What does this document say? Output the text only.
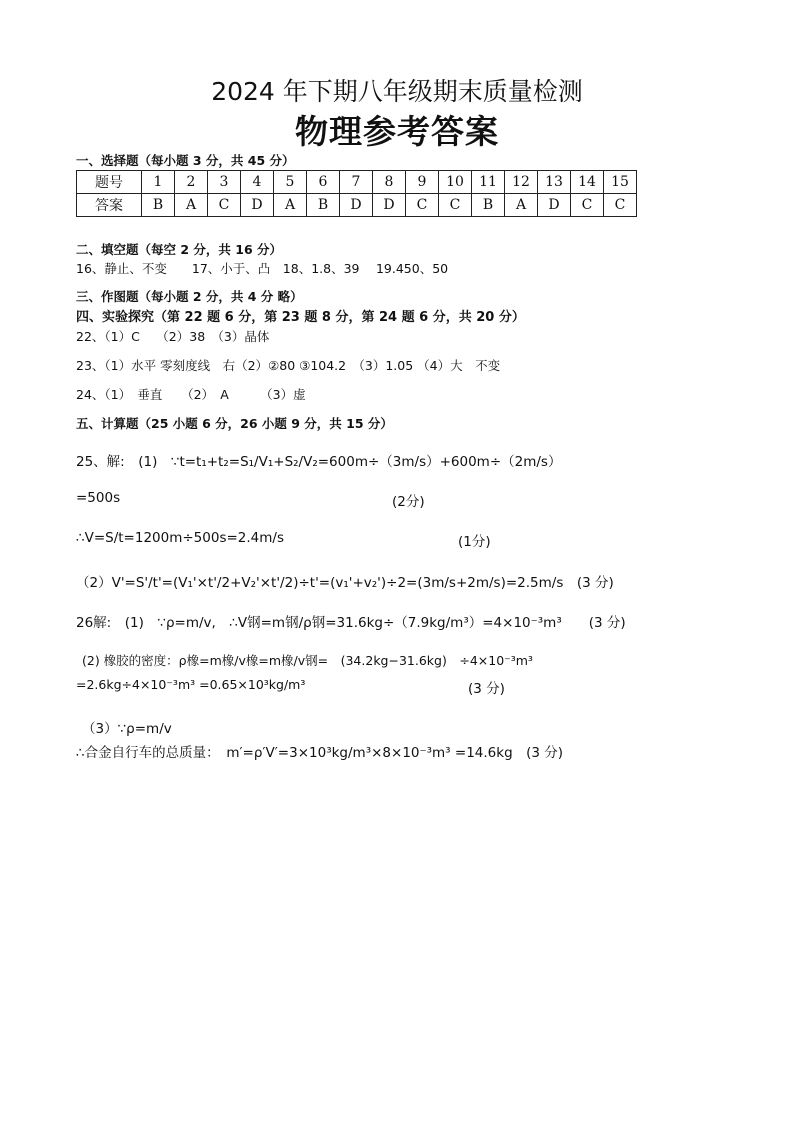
2024 年下期八年级期末质量检测
物理参考答案
一、选择题（每小题 3 分，共 45 分）
题号	1	2	3	4	5	6	7	8	9	10	11	12	13	14	15
答案	B	A	C	D	A	B	D	D	C	C	B	A	D	C	C
二、填空题（每空 2 分，共 16 分）
16、静止、不变　　17、小于、凸　18、1.8、39　 19.450、50
三、作图题（每小题 2 分，共 4 分 略）
四、实验探究（第 22 题 6 分，第 23 题 8 分，第 24 题 6 分，共 20 分）
22、（1）C　 （2）38　（3）晶体
23、（1）水平 零刻度线　右（2）②80 ③104.2　（3）1.05 （4）大　不变
24、（1）　垂直　　（2）　A　　　（3）虚
五、计算题（25 小题 6 分，26 小题 9 分，共 15 分）
25、解:　(1)　∵t=t₁+t₂=S₁/V₁+S₂/V₂=600m÷（3m/s）+600m÷（2m/s）
=500s	(2分)
∴V=S/t=1200m÷500s=2.4m/s	(1分)
（2）V'=S'/t'=(V₁'×t'/2+V₂'×t'/2)÷t'=(v₁'+v₂')÷2=(3m/s+2m/s)=2.5m/s　(3 分)
26解:　(1)　∵ρ=m/v,　∴V钢=m钢/ρ钢=31.6kg÷（7.9kg/m³）=4×10⁻³m³　　(3 分)
(2) 橡胶的密度：ρ橡=m橡/v橡=m橡/v钢=　(34.2kg−31.6kg)　÷4×10⁻³m³
=2.6kg÷4×10⁻³m³ =0.65×10³kg/m³	(3 分)
（3）∵ρ=m/v
∴合金自行车的总质量：　m′=ρ′V′=3×10³kg/m³×8×10⁻³m³ =14.6kg　(3 分)
